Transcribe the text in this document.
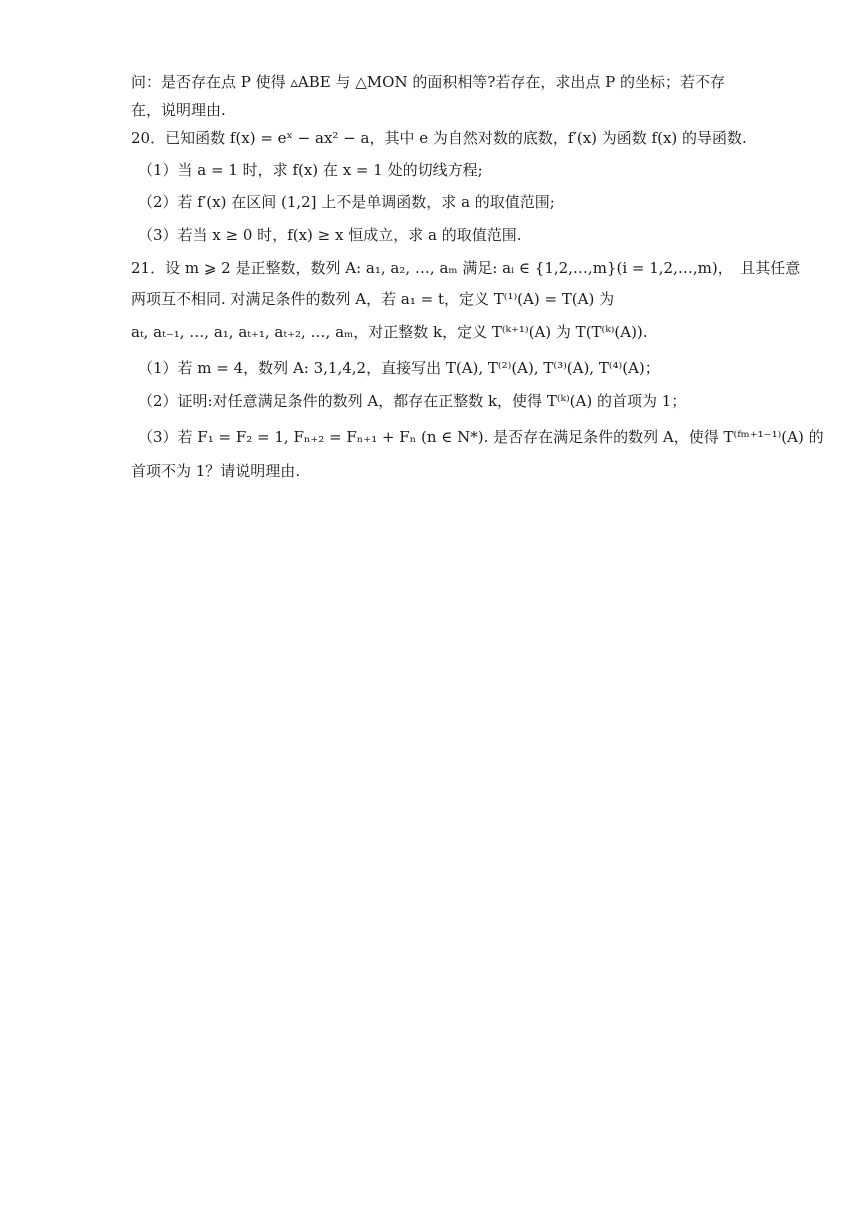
问：是否存在点 P 使得 ▵ABE 与 △MON 的面积相等?若存在，求出点 P 的坐标；若不存
在，说明理由.
20．已知函数 f(x) = eˣ − ax² − a，其中 e 为自然对数的底数，f′(x) 为函数 f(x) 的导函数.
（1）当 a = 1 时，求 f(x) 在 x = 1 处的切线方程;
（2）若 f′(x) 在区间 (1,2] 上不是单调函数，求 a 的取值范围;
（3）若当 x ≥ 0 时，f(x) ≥ x 恒成立，求 a 的取值范围.
21．设 m ⩾ 2 是正整数，数列 A: a₁, a₂, …, aₘ 满足: aᵢ ∈ {1,2,…,m}(i = 1,2,…,m)，　且其任意
两项互不相同. 对满足条件的数列 A，若 a₁ = t，定义 T⁽¹⁾(A) = T(A) 为
aₜ, aₜ₋₁, …, a₁, aₜ₊₁, aₜ₊₂, …, aₘ，对正整数 k，定义 T⁽ᵏ⁺¹⁾(A) 为 T(T⁽ᵏ⁾(A)).
（1）若 m = 4，数列 A: 3,1,4,2，直接写出 T(A), T⁽²⁾(A), T⁽³⁾(A), T⁽⁴⁾(A)；
（2）证明:对任意满足条件的数列 A，都存在正整数 k，使得 T⁽ᵏ⁾(A) 的首项为 1；
（3）若 F₁ = F₂ = 1, Fₙ₊₂ = Fₙ₊₁ + Fₙ (n ∈ N*). 是否存在满足条件的数列 A，使得 T⁽ᶠᵐ⁺¹⁻¹⁾(A) 的
首项不为 1？请说明理由.
